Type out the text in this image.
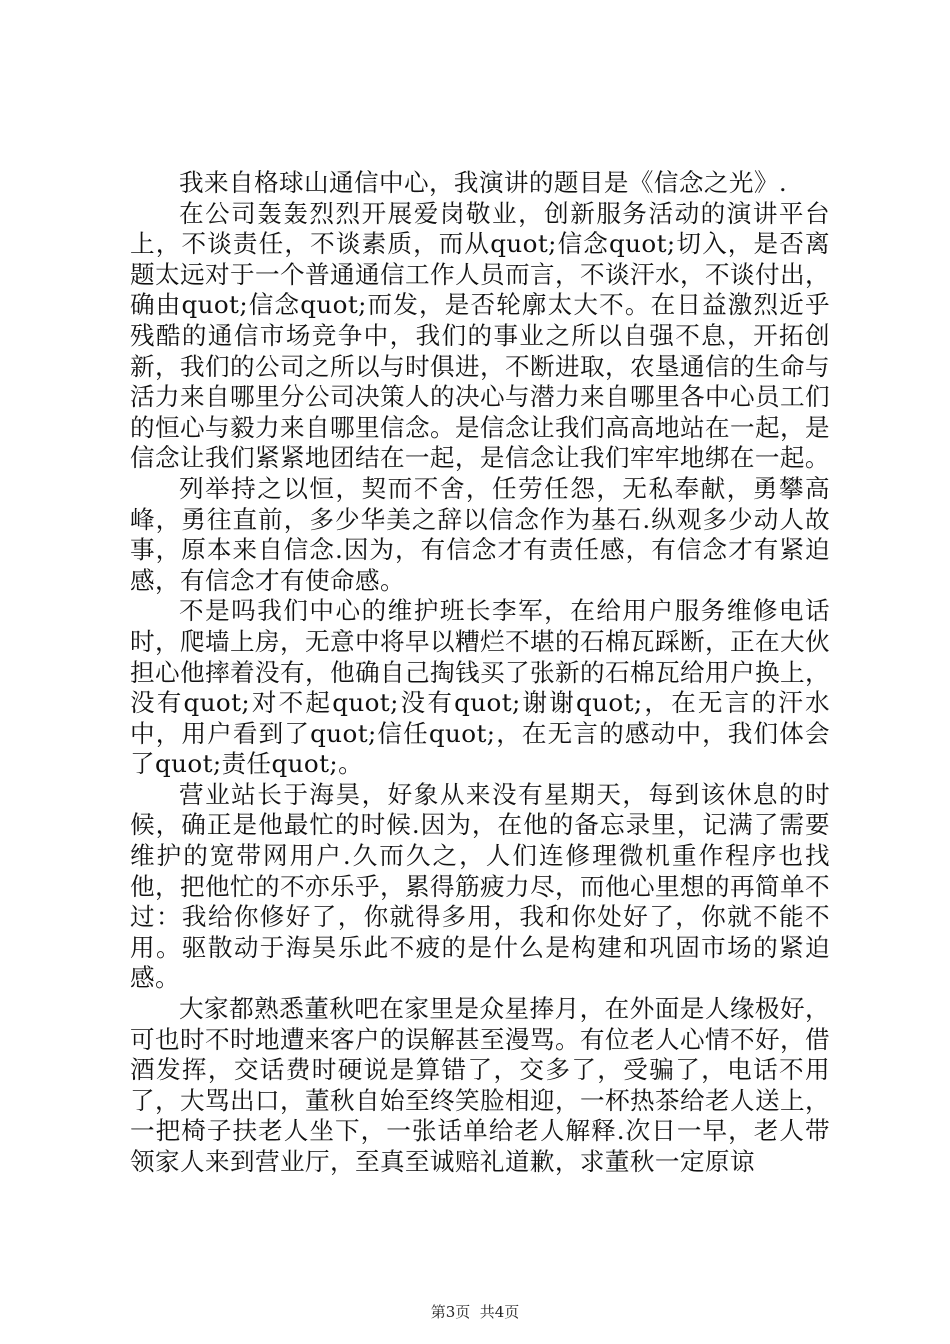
我来自格球山通信中心，我演讲的题目是《信念之光》.

在公司轰轰烈烈开展爱岗敬业，创新服务活动的演讲平台上，不谈责任，不谈素质，而从quot;信念quot;切入，是否离题太远对于一个普通通信工作人员而言，不谈汗水，不谈付出，确由quot;信念quot;而发，是否轮廓太大不。在日益激烈近乎残酷的通信市场竞争中，我们的事业之所以自强不息，开拓创新，我们的公司之所以与时俱进，不断进取，农垦通信的生命与活力来自哪里分公司决策人的决心与潜力来自哪里各中心员工们的恒心与毅力来自哪里信念。是信念让我们高高地站在一起，是信念让我们紧紧地团结在一起，是信念让我们牢牢地绑在一起。

列举持之以恒，契而不舍，任劳任怨，无私奉献，勇攀高峰，勇往直前，多少华美之辞以信念作为基石.纵观多少动人故事，原本来自信念.因为，有信念才有责任感，有信念才有紧迫感，有信念才有使命感。

不是吗我们中心的维护班长李军，在给用户服务维修电话时，爬墙上房，无意中将早以糟烂不堪的石棉瓦踩断，正在大伙担心他摔着没有，他确自己掏钱买了张新的石棉瓦给用户换上，没有quot;对不起quot;没有quot;谢谢quot;，在无言的汗水中，用户看到了quot;信任quot;，在无言的感动中，我们体会了quot;责任quot;。

营业站长于海昊，好象从来没有星期天，每到该休息的时候，确正是他最忙的时候.因为，在他的备忘录里，记满了需要维护的宽带网用户.久而久之，人们连修理微机重作程序也找他，把他忙的不亦乐乎，累得筋疲力尽，而他心里想的再简单不过：我给你修好了，你就得多用，我和你处好了，你就不能不用。驱散动于海昊乐此不疲的是什么是构建和巩固市场的紧迫感。

大家都熟悉董秋吧在家里是众星捧月，在外面是人缘极好，可也时不时地遭来客户的误解甚至漫骂。有位老人心情不好，借酒发挥，交话费时硬说是算错了，交多了，受骗了，电话不用了，大骂出口，董秋自始至终笑脸相迎，一杯热茶给老人送上，一把椅子扶老人坐下，一张话单给老人解释.次日一早，老人带领家人来到营业厅，至真至诚赔礼道歉，求董秋一定原谅

第3页  共4页
